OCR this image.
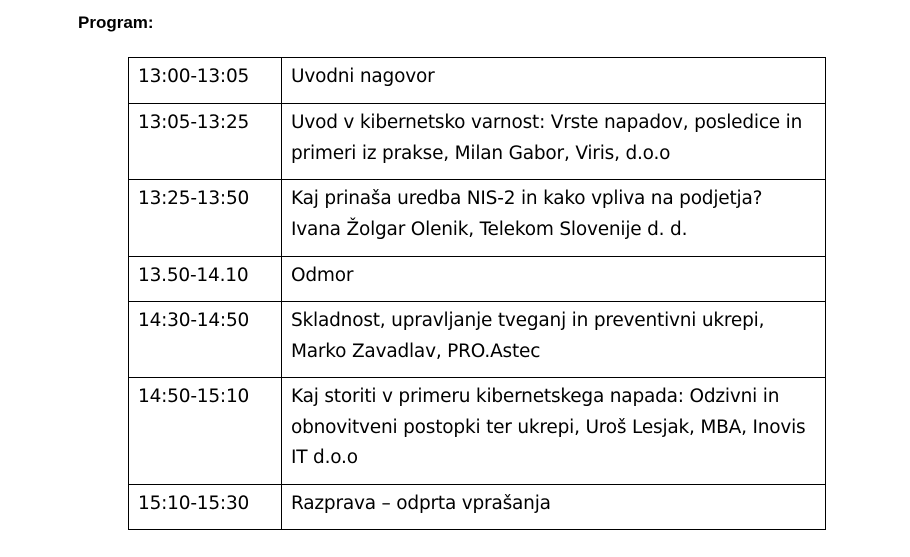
Program:
13:00-13:05	Uvodni nagovor
13:05-13:25	Uvod v kibernetsko varnost: Vrste napadov, posledice in primeri iz prakse, Milan Gabor, Viris, d.o.o
13:25-13:50	Kaj prinaša uredba NIS-2 in kako vpliva na podjetja? Ivana Žolgar Olenik, Telekom Slovenije d. d.
13.50-14.10	Odmor
14:30-14:50	Skladnost, upravljanje tveganj in preventivni ukrepi, Marko Zavadlav, PRO.Astec
14:50-15:10	Kaj storiti v primeru kibernetskega napada: Odzivni in obnovitveni postopki ter ukrepi, Uroš Lesjak, MBA, Inovis IT d.o.o
15:10-15:30	Razprava – odprta vprašanja
